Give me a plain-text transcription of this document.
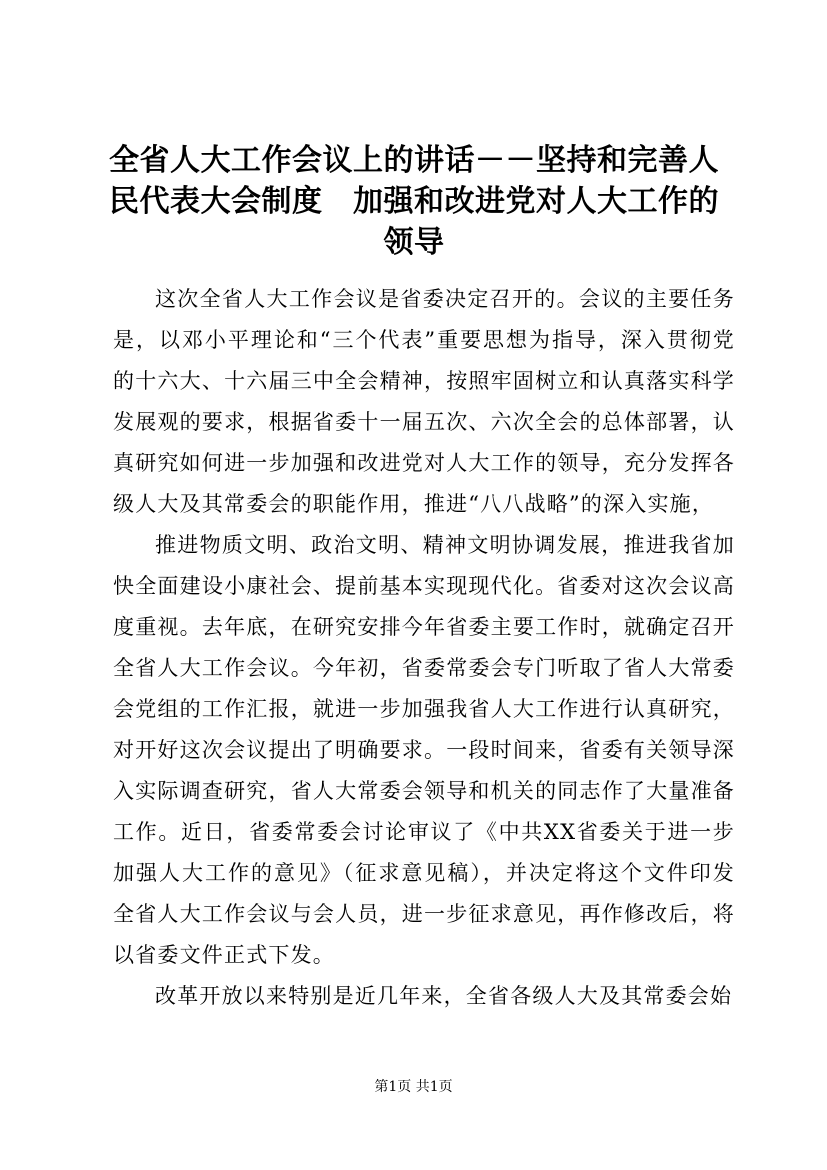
全省人大工作会议上的讲话－－坚持和完善人民代表大会制度　加强和改进党对人大工作的领导

这次全省人大工作会议是省委决定召开的。会议的主要任务是，以邓小平理论和“三个代表”重要思想为指导，深入贯彻党的十六大、十六届三中全会精神，按照牢固树立和认真落实科学发展观的要求，根据省委十一届五次、六次全会的总体部署，认真研究如何进一步加强和改进党对人大工作的领导，充分发挥各级人大及其常委会的职能作用，推进“八八战略”的深入实施，

推进物质文明、政治文明、精神文明协调发展，推进我省加快全面建设小康社会、提前基本实现现代化。省委对这次会议高度重视。去年底，在研究安排今年省委主要工作时，就确定召开全省人大工作会议。今年初，省委常委会专门听取了省人大常委会党组的工作汇报，就进一步加强我省人大工作进行认真研究，对开好这次会议提出了明确要求。一段时间来，省委有关领导深入实际调查研究，省人大常委会领导和机关的同志作了大量准备工作。近日，省委常委会讨论审议了《中共XX省委关于进一步加强人大工作的意见》（征求意见稿），并决定将这个文件印发全省人大工作会议与会人员，进一步征求意见，再作修改后，将以省委文件正式下发。

改革开放以来特别是近几年来，全省各级人大及其常委会始

第1页 共1页
